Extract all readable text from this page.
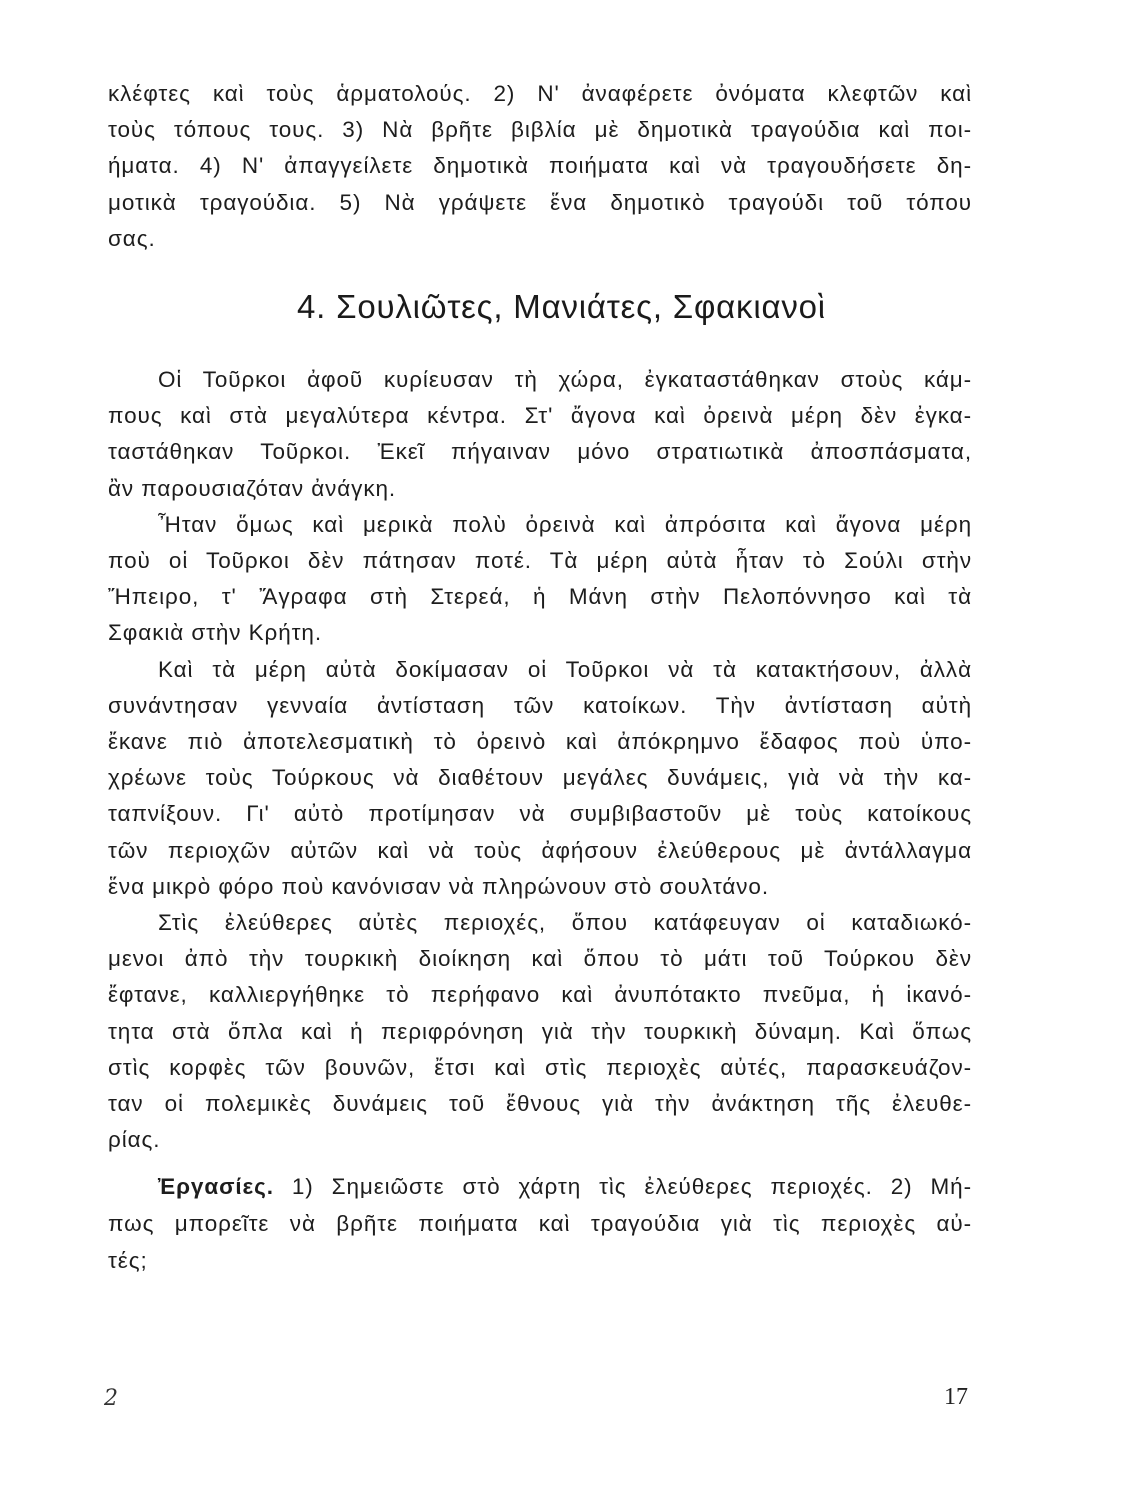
κλέφτες καὶ τοὺς ἁρματολούς. 2) Ν' ἀναφέρετε ὀνόματα κλεφτῶν καὶ
τοὺς τόπους τους. 3) Νὰ βρῆτε βιβλία μὲ δημοτικὰ τραγούδια καὶ ποι-
ήματα. 4) Ν' ἀπαγγείλετε δημοτικὰ ποιήματα καὶ νὰ τραγουδήσετε δη-
μοτικὰ τραγούδια. 5) Νὰ γράψετε ἕνα δημοτικὸ τραγούδι τοῦ τόπου
σας.
4. Σουλιῶτες, Μανιάτες, Σφακιανοὶ
Οἱ Τοῦρκοι ἀφοῦ κυρίευσαν τὴ χώρα, ἐγκαταστάθηκαν στοὺς κάμ-
πους καὶ στὰ μεγαλύτερα κέντρα. Στ' ἄγονα καὶ ὀρεινὰ μέρη δὲν ἐγκα-
ταστάθηκαν Τοῦρκοι. Ἐκεῖ πήγαιναν μόνο στρατιωτικὰ ἀποσπάσματα,
ἂν παρουσιαζόταν ἀνάγκη.
Ἦταν ὅμως καὶ μερικὰ πολὺ ὀρεινὰ καὶ ἀπρόσιτα καὶ ἄγονα μέρη
ποὺ οἱ Τοῦρκοι δὲν πάτησαν ποτέ. Τὰ μέρη αὐτὰ ἦταν τὸ Σούλι στὴν
Ἤπειρο, τ' Ἄγραφα στὴ Στερεά, ἡ Μάνη στὴν Πελοπόννησο καὶ τὰ
Σφακιὰ στὴν Κρήτη.
Καὶ τὰ μέρη αὐτὰ δοκίμασαν οἱ Τοῦρκοι νὰ τὰ κατακτήσουν, ἀλλὰ
συνάντησαν γενναία ἀντίσταση τῶν κατοίκων. Τὴν ἀντίσταση αὐτὴ
ἔκανε πιὸ ἀποτελεσματικὴ τὸ ὀρεινὸ καὶ ἀπόκρημνο ἔδαφος ποὺ ὑπο-
χρέωνε τοὺς Τούρκους νὰ διαθέτουν μεγάλες δυνάμεις, γιὰ νὰ τὴν κα-
ταπνίξουν. Γι' αὐτὸ προτίμησαν νὰ συμβιβαστοῦν μὲ τοὺς κατοίκους
τῶν περιοχῶν αὐτῶν καὶ νὰ τοὺς ἀφήσουν ἐλεύθερους μὲ ἀντάλλαγμα
ἕνα μικρὸ φόρο ποὺ κανόνισαν νὰ πληρώνουν στὸ σουλτάνο.
Στὶς ἐλεύθερες αὐτὲς περιοχές, ὅπου κατάφευγαν οἱ καταδιωκό-
μενοι ἀπὸ τὴν τουρκικὴ διοίκηση καὶ ὅπου τὸ μάτι τοῦ Τούρκου δὲν
ἔφτανε, καλλιεργήθηκε τὸ περήφανο καὶ ἀνυπότακτο πνεῦμα, ἡ ἱκανό-
τητα στὰ ὅπλα καὶ ἡ περιφρόνηση γιὰ τὴν τουρκικὴ δύναμη. Καὶ ὅπως
στὶς κορφὲς τῶν βουνῶν, ἔτσι καὶ στὶς περιοχὲς αὐτές, παρασκευάζον-
ταν οἱ πολεμικὲς δυνάμεις τοῦ ἔθνους γιὰ τὴν ἀνάκτηση τῆς ἐλευθε-
ρίας.
Ἐργασίες. 1) Σημειῶστε στὸ χάρτη τὶς ἐλεύθερες περιοχές. 2) Μή-
πως μπορεῖτε νὰ βρῆτε ποιήματα καὶ τραγούδια γιὰ τὶς περιοχὲς αὐ-
τές;
2	17
